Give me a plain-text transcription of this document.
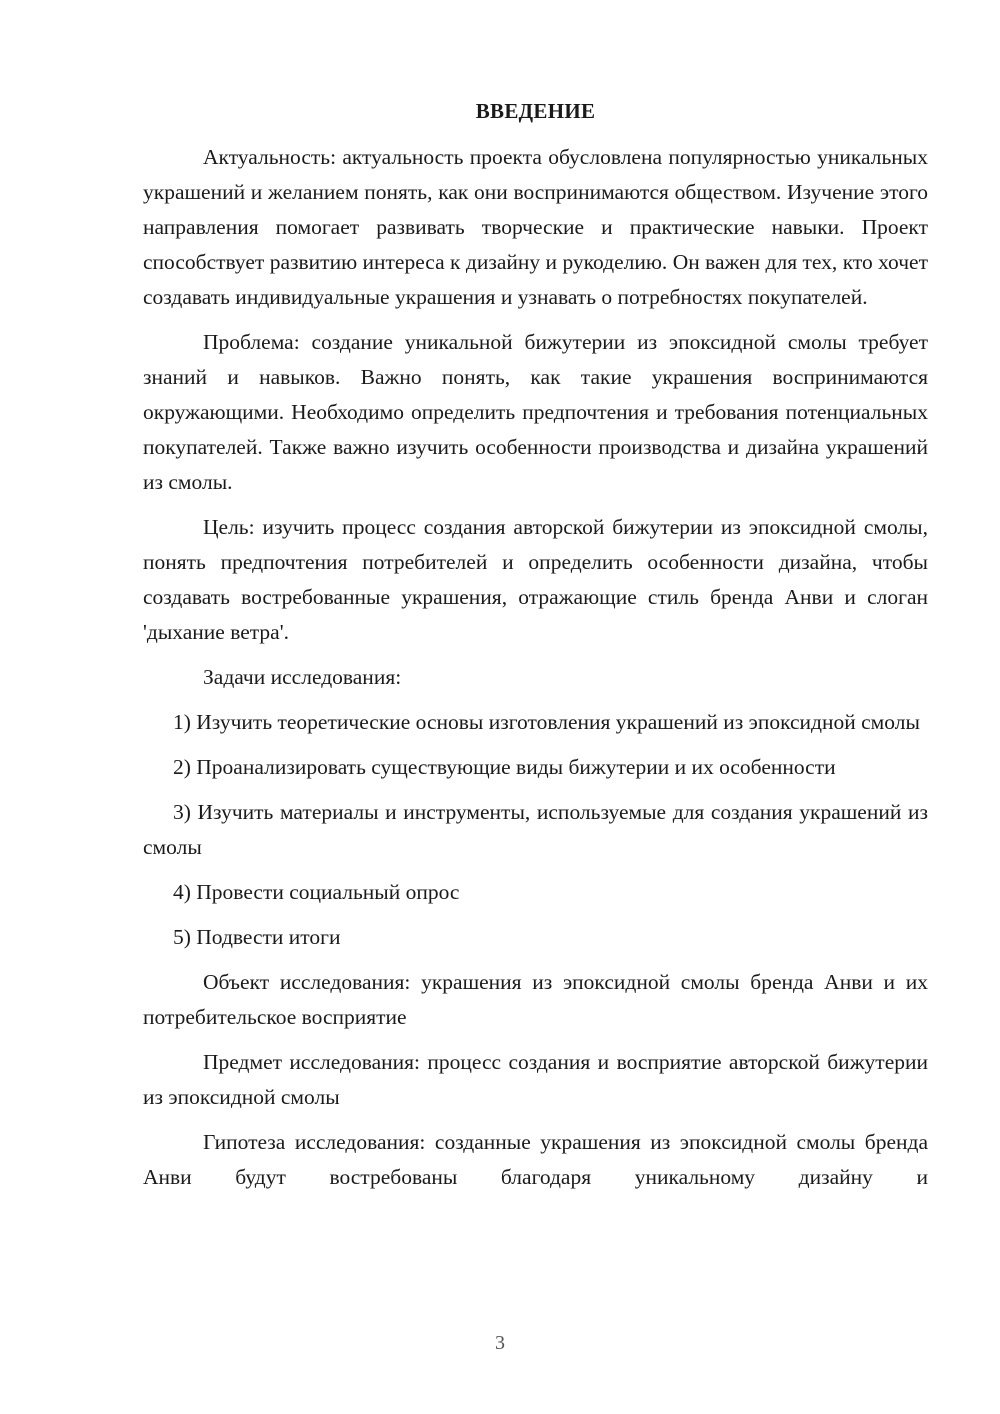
ВВЕДЕНИЕ

Актуальность: актуальность проекта обусловлена популярностью уникальных украшений и желанием понять, как они воспринимаются обществом. Изучение этого направления помогает развивать творческие и практические навыки. Проект способствует развитию интереса к дизайну и рукоделию. Он важен для тех, кто хочет создавать индивидуальные украшения и узнавать о потребностях покупателей.

Проблема: создание уникальной бижутерии из эпоксидной смолы требует знаний и навыков. Важно понять, как такие украшения воспринимаются окружающими. Необходимо определить предпочтения и требования потенциальных покупателей. Также важно изучить особенности производства и дизайна украшений из смолы.

Цель: изучить процесс создания авторской бижутерии из эпоксидной смолы, понять предпочтения потребителей и определить особенности дизайна, чтобы создавать востребованные украшения, отражающие стиль бренда Анви и слоган 'дыхание ветра'.

Задачи исследования:

1) Изучить теоретические основы изготовления украшений из эпоксидной смолы

2) Проанализировать существующие виды бижутерии и их особенности

3) Изучить материалы и инструменты, используемые для создания украшений из смолы

4) Провести социальный опрос

5) Подвести итоги

Объект исследования: украшения из эпоксидной смолы бренда Анви и их потребительское восприятие

Предмет исследования: процесс создания и восприятие авторской бижутерии из эпоксидной смолы

Гипотеза исследования: созданные украшения из эпоксидной смолы бренда Анви будут востребованы благодаря уникальному дизайну и

3
